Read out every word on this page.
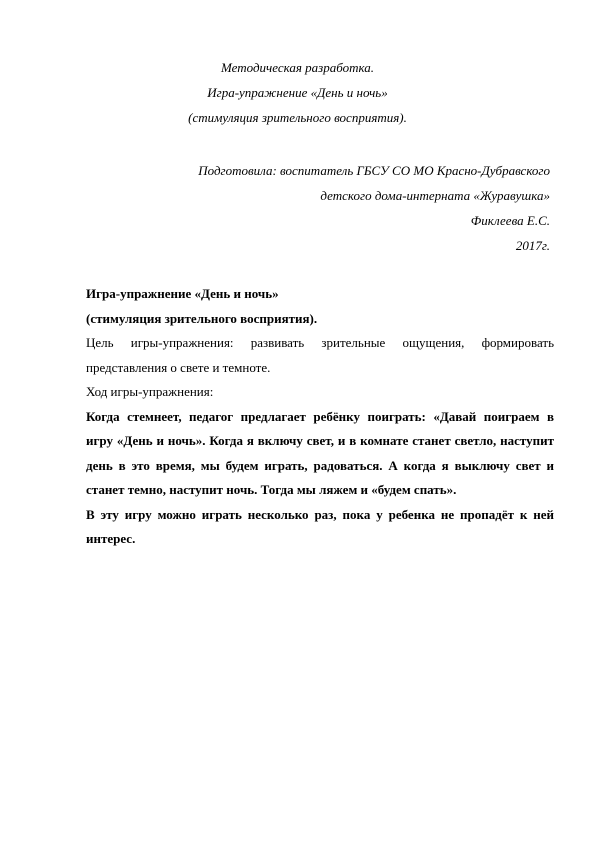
Методическая разработка.
Игра-упражнение «День и ночь»
(стимуляция зрительного восприятия).
Подготовила: воспитатель ГБСУ СО МО Красно-Дубравского
детского дома-интерната «Журавушка»
Фиклеева Е.С.
2017г.

Игра-упражнение «День и ночь»
(стимуляция зрительного восприятия).

Цель игры-упражнения: развивать зрительные ощущения, формировать
представления о свете и темноте.

Ход игры-упражнения:

Когда стемнеет, педагог предлагает ребёнку поиграть: «Давай поиграем в
игру «День и ночь». Когда я включу свет, и в комнате станет светло, наступит
день в это время, мы будем играть, радоваться. А когда я выключу свет и
станет темно, наступит ночь. Тогда мы ляжем и «будем спать».

В эту игру можно играть несколько раз, пока у ребенка не пропадёт к ней
интерес.
